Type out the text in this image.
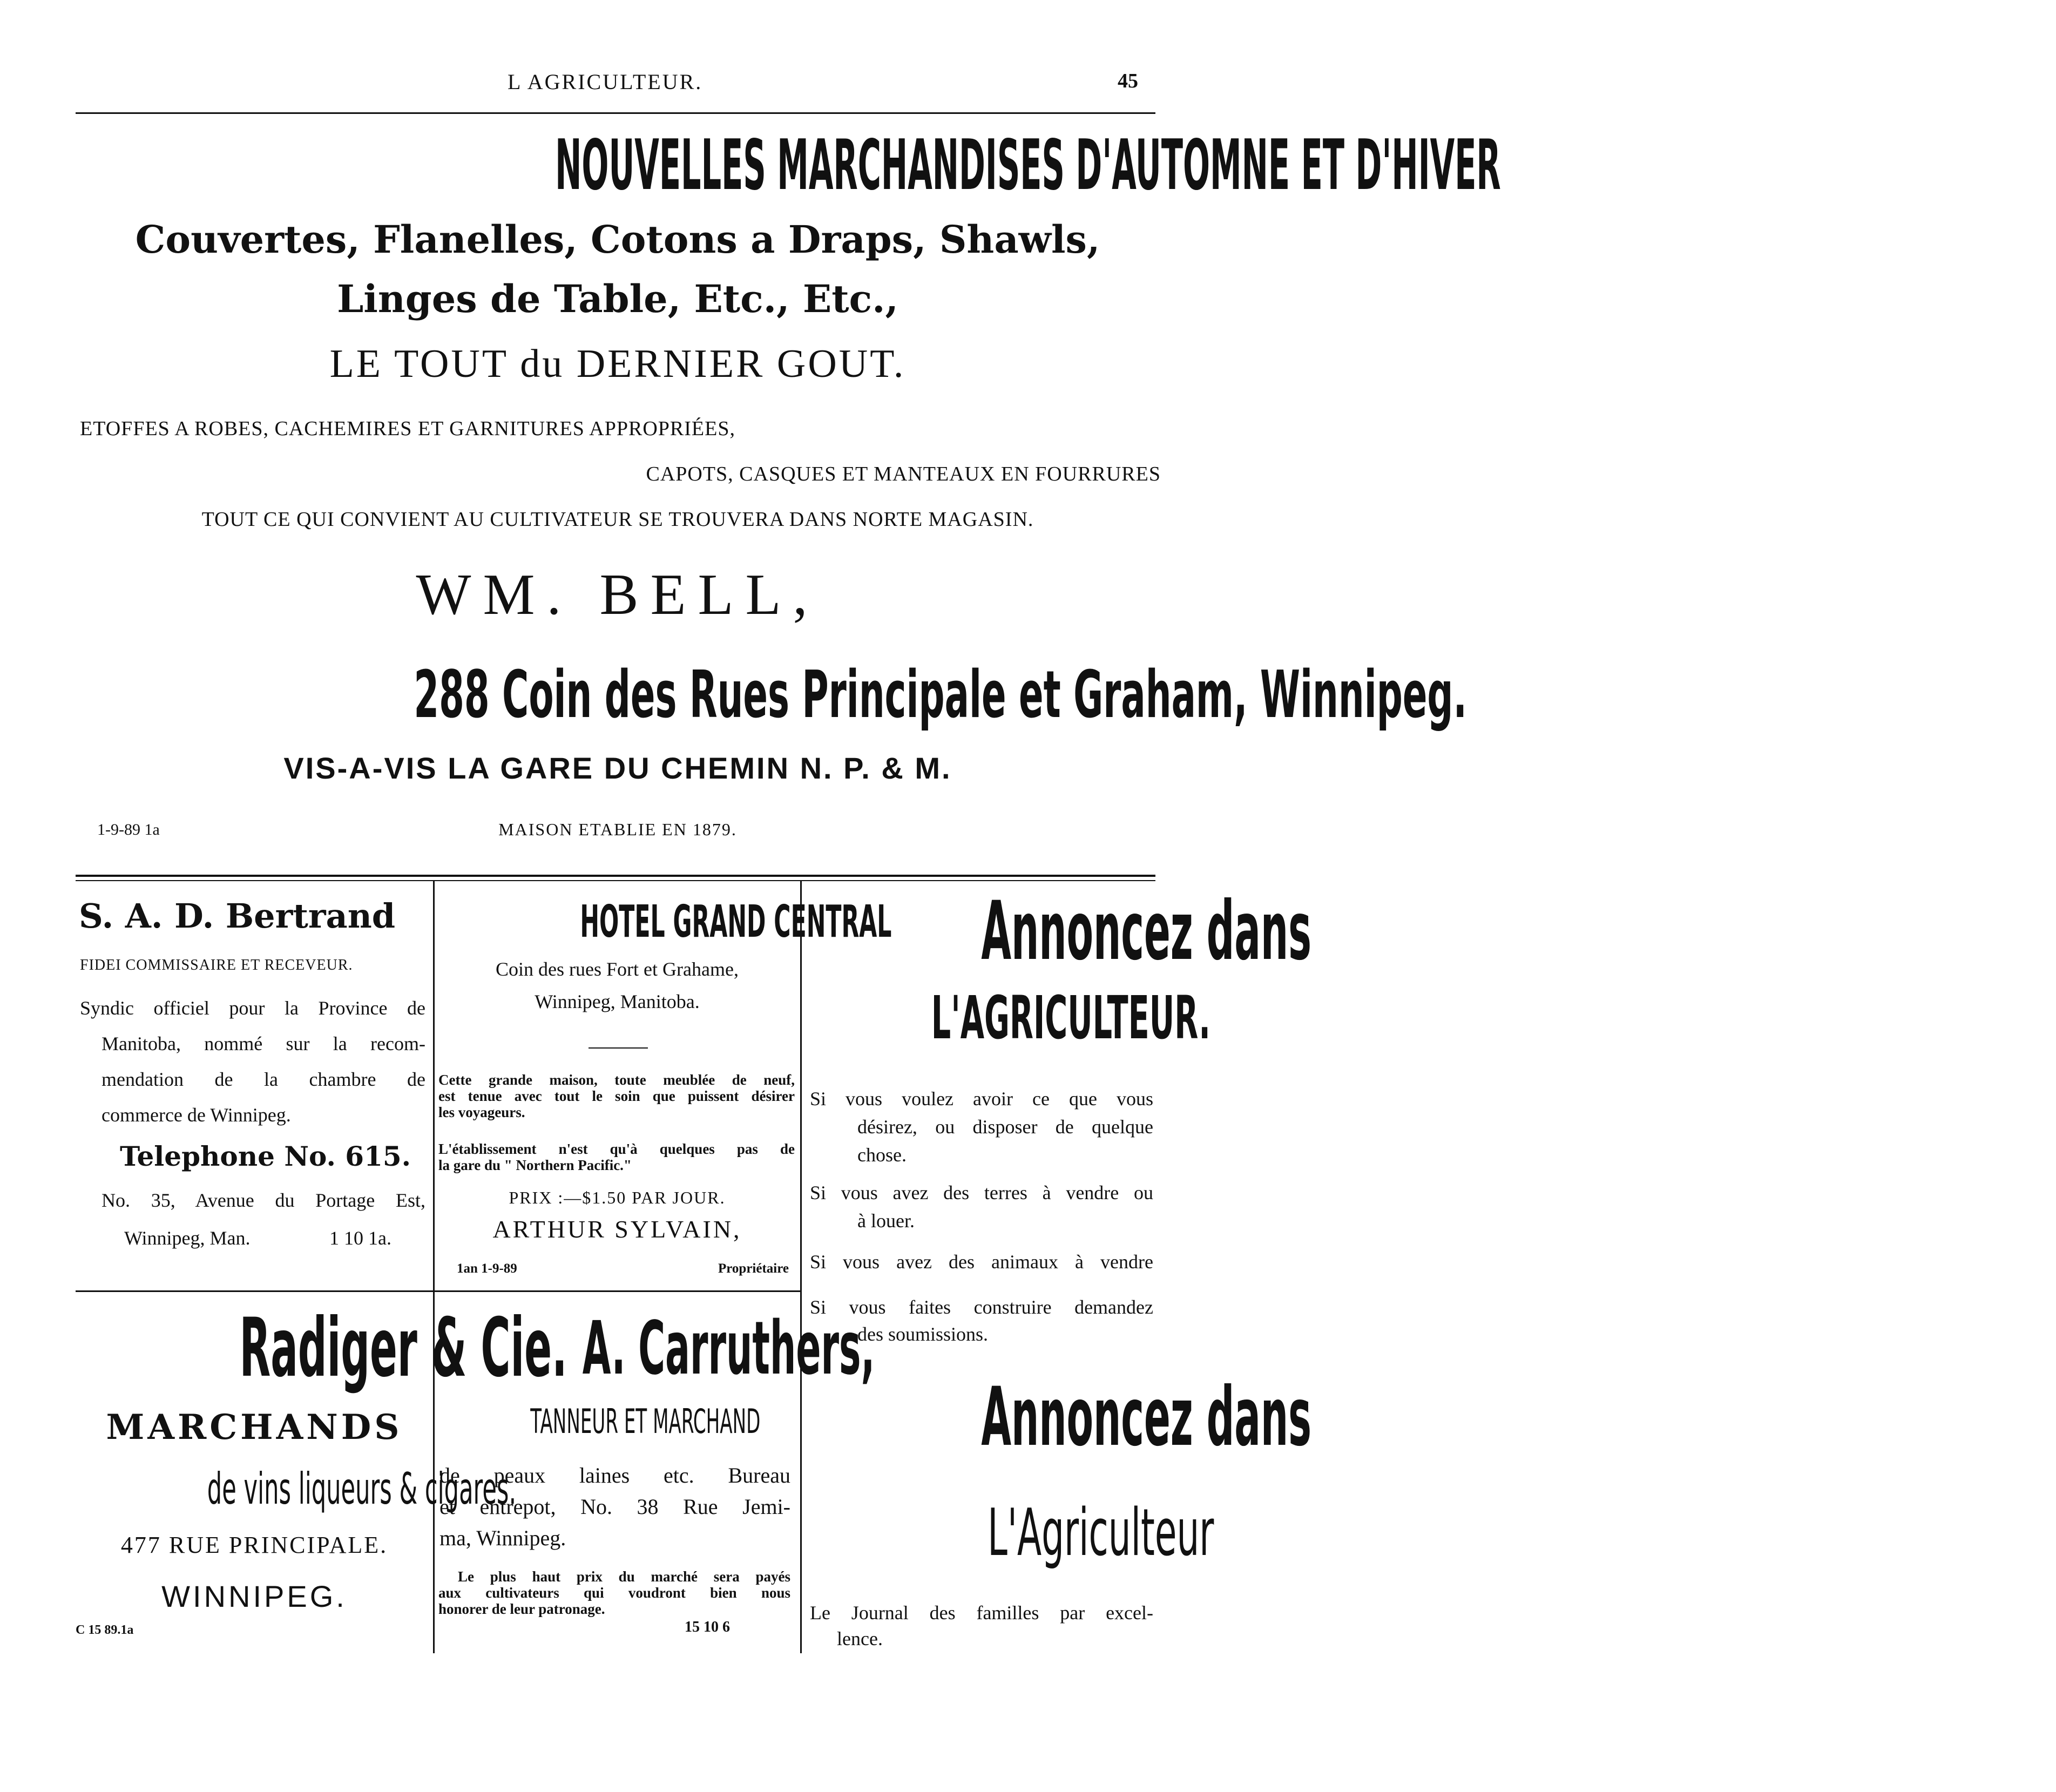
L AGRICULTEUR.	45
NOUVELLES MARCHANDISES D'AUTOMNE ET D'HIVER
Couvertes, Flanelles, Cotons a Draps, Shawls,
Linges de Table, Etc., Etc.,
LE TOUT du DERNIER GOUT.
ETOFFES A ROBES, CACHEMIRES ET GARNITURES APPROPRIÉES,
CAPOTS, CASQUES ET MANTEAUX EN FOURRURES
TOUT CE QUI CONVIENT AU CULTIVATEUR SE TROUVERA DANS NORTE MAGASIN.
WM. BELL,
288 Coin des Rues Principale et Graham, Winnipeg.
VIS-A-VIS LA GARE DU CHEMIN N. P. & M.
1-9-89 1a	MAISON ETABLIE EN 1879.
S. A. D. Bertrand
FIDEI COMMISSAIRE ET RECEVEUR.
Syndic officiel pour la Province de
Manitoba, nommé sur la recom-
mendation de la chambre de
commerce de Winnipeg.
Telephone No. 615.
No. 35, Avenue du Portage Est,
Winnipeg, Man.	1 10 1a.
HOTEL GRAND CENTRAL
Coin des rues Fort et Grahame,
Winnipeg, Manitoba.
Cette grande maison, toute meublée de neuf,
est tenue avec tout le soin que puissent désirer
les voyageurs.
L'établissement n'est qu'à quelques pas de
la gare du " Northern Pacific."
PRIX :—$1.50 PAR JOUR.
ARTHUR SYLVAIN,
1an 1-9-89	Propriétaire
Annoncez dans
L'AGRICULTEUR.
Si vous voulez avoir ce que vous
désirez, ou disposer de quelque
chose.
Si vous avez des terres à vendre ou
à louer.
Si vous avez des animaux à vendre
Si vous faites construire demandez
des soumissions.
Radiger & Cie.
MARCHANDS
de vins liqueurs & cigares.
477 RUE PRINCIPALE.
WINNIPEG.
C 15 89.1a
A. Carruthers,
TANNEUR ET MARCHAND
de peaux laines etc. Bureau
et entrepot, No. 38 Rue Jemi-
ma, Winnipeg.
Le plus haut prix du marché sera payés
aux cultivateurs qui voudront bien nous
honorer de leur patronage.
15 10 6
Annoncez dans
L'Agriculteur
Le Journal des familles par excel-
lence.
